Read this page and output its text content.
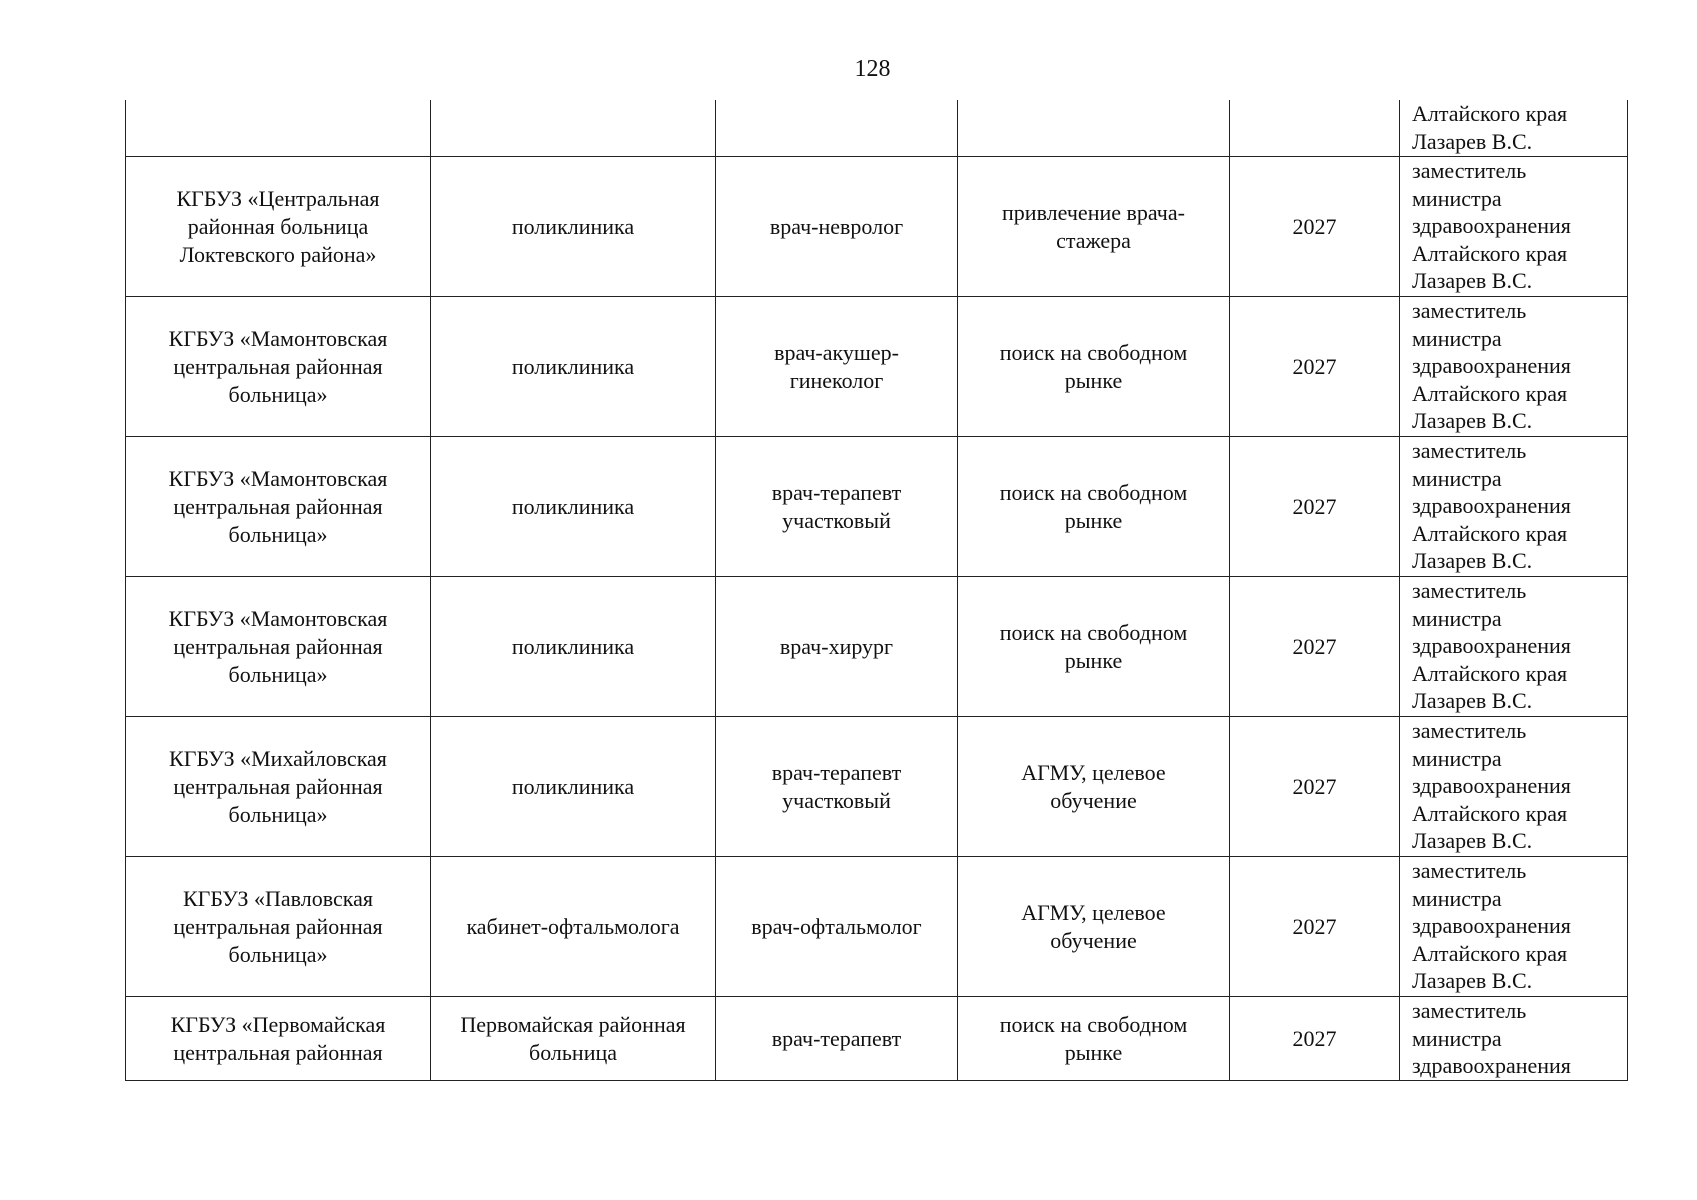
128

					Алтайского края
Лазарев В.С.

КГБУЗ «Центральная
районная больница
Локтевского района»	поликлиника	врач-невролог	привлечение врача-
стажера	2027	заместитель
министра
здравоохранения
Алтайского края
Лазарев В.С.

КГБУЗ «Мамонтовская
центральная районная
больница»	поликлиника	врач-акушер-
гинеколог	поиск на свободном
рынке	2027	заместитель
министра
здравоохранения
Алтайского края
Лазарев В.С.

КГБУЗ «Мамонтовская
центральная районная
больница»	поликлиника	врач-терапевт
участковый	поиск на свободном
рынке	2027	заместитель
министра
здравоохранения
Алтайского края
Лазарев В.С.

КГБУЗ «Мамонтовская
центральная районная
больница»	поликлиника	врач-хирург	поиск на свободном
рынке	2027	заместитель
министра
здравоохранения
Алтайского края
Лазарев В.С.

КГБУЗ «Михайловская
центральная районная
больница»	поликлиника	врач-терапевт
участковый	АГМУ, целевое
обучение	2027	заместитель
министра
здравоохранения
Алтайского края
Лазарев В.С.

КГБУЗ «Павловская
центральная районная
больница»	кабинет-офтальмолога	врач-офтальмолог	АГМУ, целевое
обучение	2027	заместитель
министра
здравоохранения
Алтайского края
Лазарев В.С.

КГБУЗ «Первомайская
центральная районная	Первомайская районная
больница	врач-терапевт	поиск на свободном
рынке	2027	заместитель
министра
здравоохранения
